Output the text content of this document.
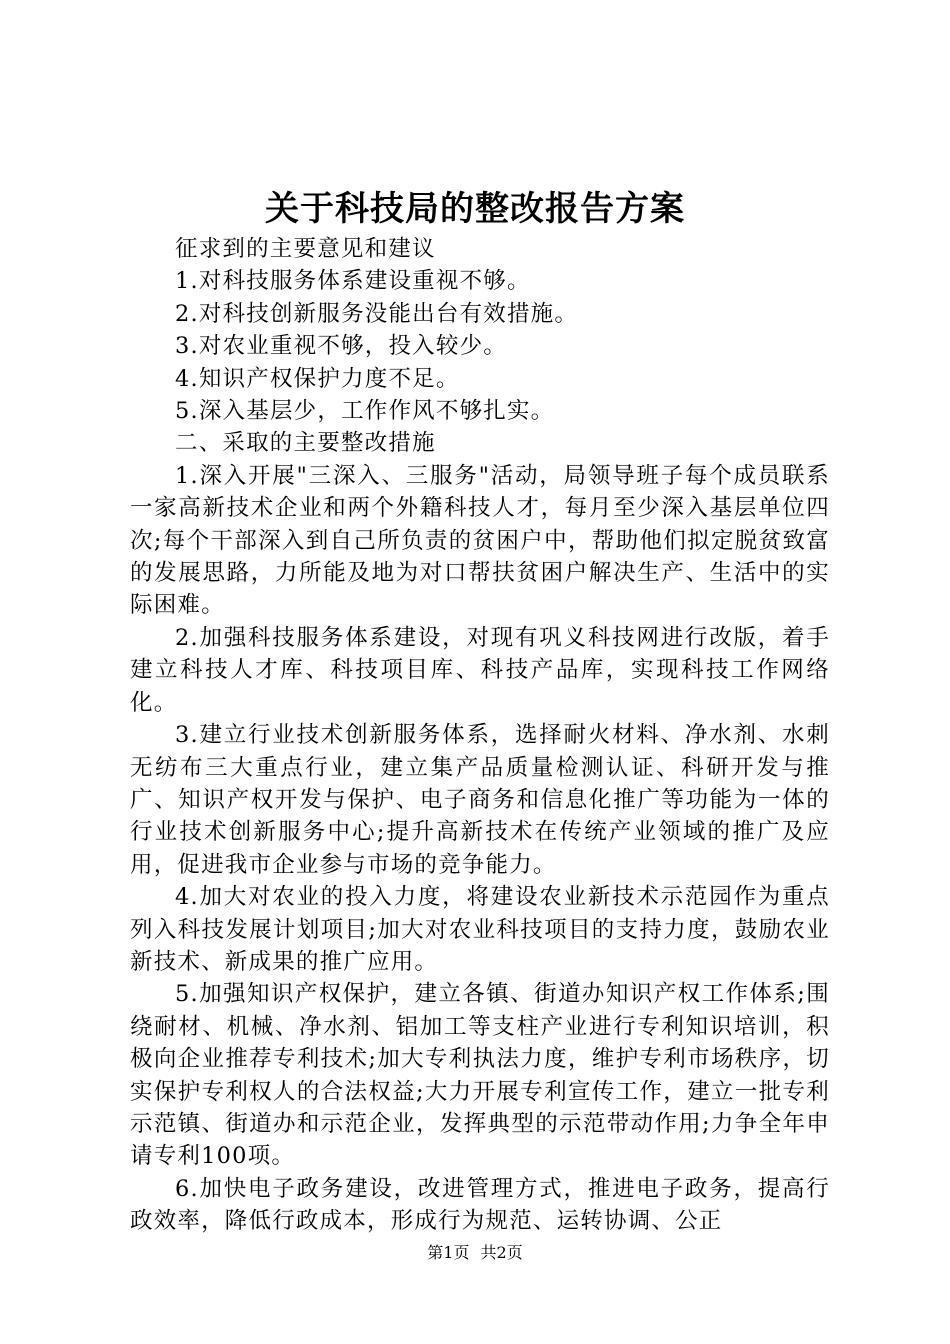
关于科技局的整改报告方案

征求到的主要意见和建议

1.对科技服务体系建设重视不够。

2.对科技创新服务没能出台有效措施。

3.对农业重视不够，投入较少。

4.知识产权保护力度不足。

5.深入基层少，工作作风不够扎实。

二、采取的主要整改措施

1.深入开展"三深入、三服务"活动，局领导班子每个成员联系一家高新技术企业和两个外籍科技人才，每月至少深入基层单位四次;每个干部深入到自己所负责的贫困户中，帮助他们拟定脱贫致富的发展思路，力所能及地为对口帮扶贫困户解决生产、生活中的实际困难。

2.加强科技服务体系建设，对现有巩义科技网进行改版，着手建立科技人才库、科技项目库、科技产品库，实现科技工作网络化。

3.建立行业技术创新服务体系，选择耐火材料、净水剂、水刺无纺布三大重点行业，建立集产品质量检测认证、科研开发与推广、知识产权开发与保护、电子商务和信息化推广等功能为一体的行业技术创新服务中心;提升高新技术在传统产业领域的推广及应用，促进我市企业参与市场的竞争能力。

4.加大对农业的投入力度，将建设农业新技术示范园作为重点列入科技发展计划项目;加大对农业科技项目的支持力度，鼓励农业新技术、新成果的推广应用。

5.加强知识产权保护，建立各镇、街道办知识产权工作体系;围绕耐材、机械、净水剂、铝加工等支柱产业进行专利知识培训，积极向企业推荐专利技术;加大专利执法力度，维护专利市场秩序，切实保护专利权人的合法权益;大力开展专利宣传工作，建立一批专利示范镇、街道办和示范企业，发挥典型的示范带动作用;力争全年申请专利100项。

6.加快电子政务建设，改进管理方式，推进电子政务，提高行政效率，降低行政成本，形成行为规范、运转协调、公正

第1页 共2页
